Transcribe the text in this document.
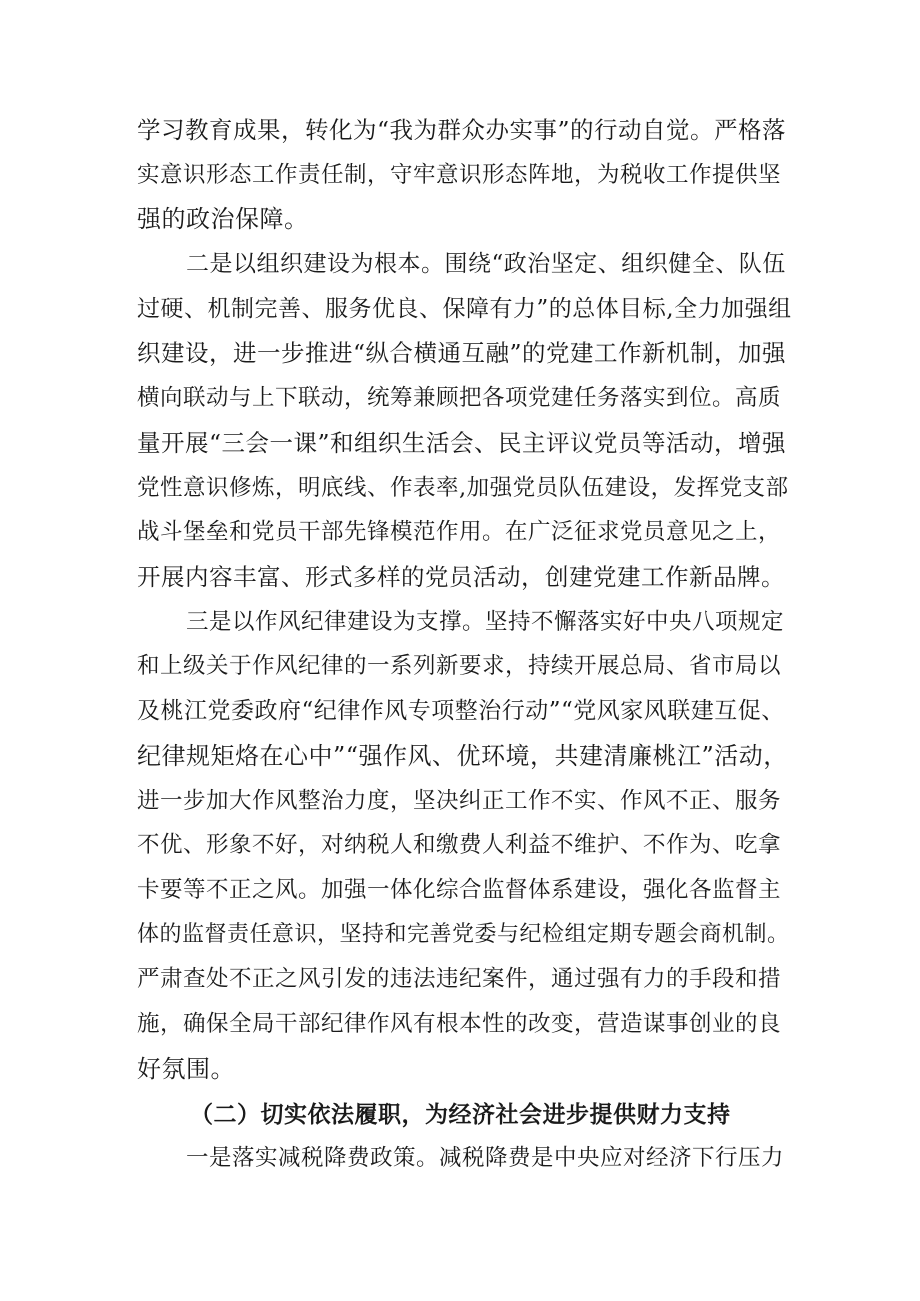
学习教育成果，转化为“我为群众办实事”的行动自觉。严格落
实意识形态工作责任制，守牢意识形态阵地，为税收工作提供坚
强的政治保障。
二是以组织建设为根本。围绕“政治坚定、组织健全、队伍
过硬、机制完善、服务优良、保障有力”的总体目标,全力加强组
织建设，进一步推进“纵合横通互融”的党建工作新机制，加强
横向联动与上下联动，统筹兼顾把各项党建任务落实到位。高质
量开展“三会一课”和组织生活会、民主评议党员等活动，增强
党性意识修炼，明底线、作表率,加强党员队伍建设，发挥党支部
战斗堡垒和党员干部先锋模范作用。在广泛征求党员意见之上，
开展内容丰富、形式多样的党员活动，创建党建工作新品牌。
三是以作风纪律建设为支撑。坚持不懈落实好中央八项规定
和上级关于作风纪律的一系列新要求，持续开展总局、省市局以
及桃江党委政府“纪律作风专项整治行动”“党风家风联建互促、
纪律规矩烙在心中”“强作风、优环境，共建清廉桃江”活动，
进一步加大作风整治力度，坚决纠正工作不实、作风不正、服务
不优、形象不好，对纳税人和缴费人利益不维护、不作为、吃拿
卡要等不正之风。加强一体化综合监督体系建设，强化各监督主
体的监督责任意识，坚持和完善党委与纪检组定期专题会商机制。
严肃查处不正之风引发的违法违纪案件，通过强有力的手段和措
施，确保全局干部纪律作风有根本性的改变，营造谋事创业的良
好氛围。
（二）切实依法履职，为经济社会进步提供财力支持
一是落实减税降费政策。减税降费是中央应对经济下行压力
